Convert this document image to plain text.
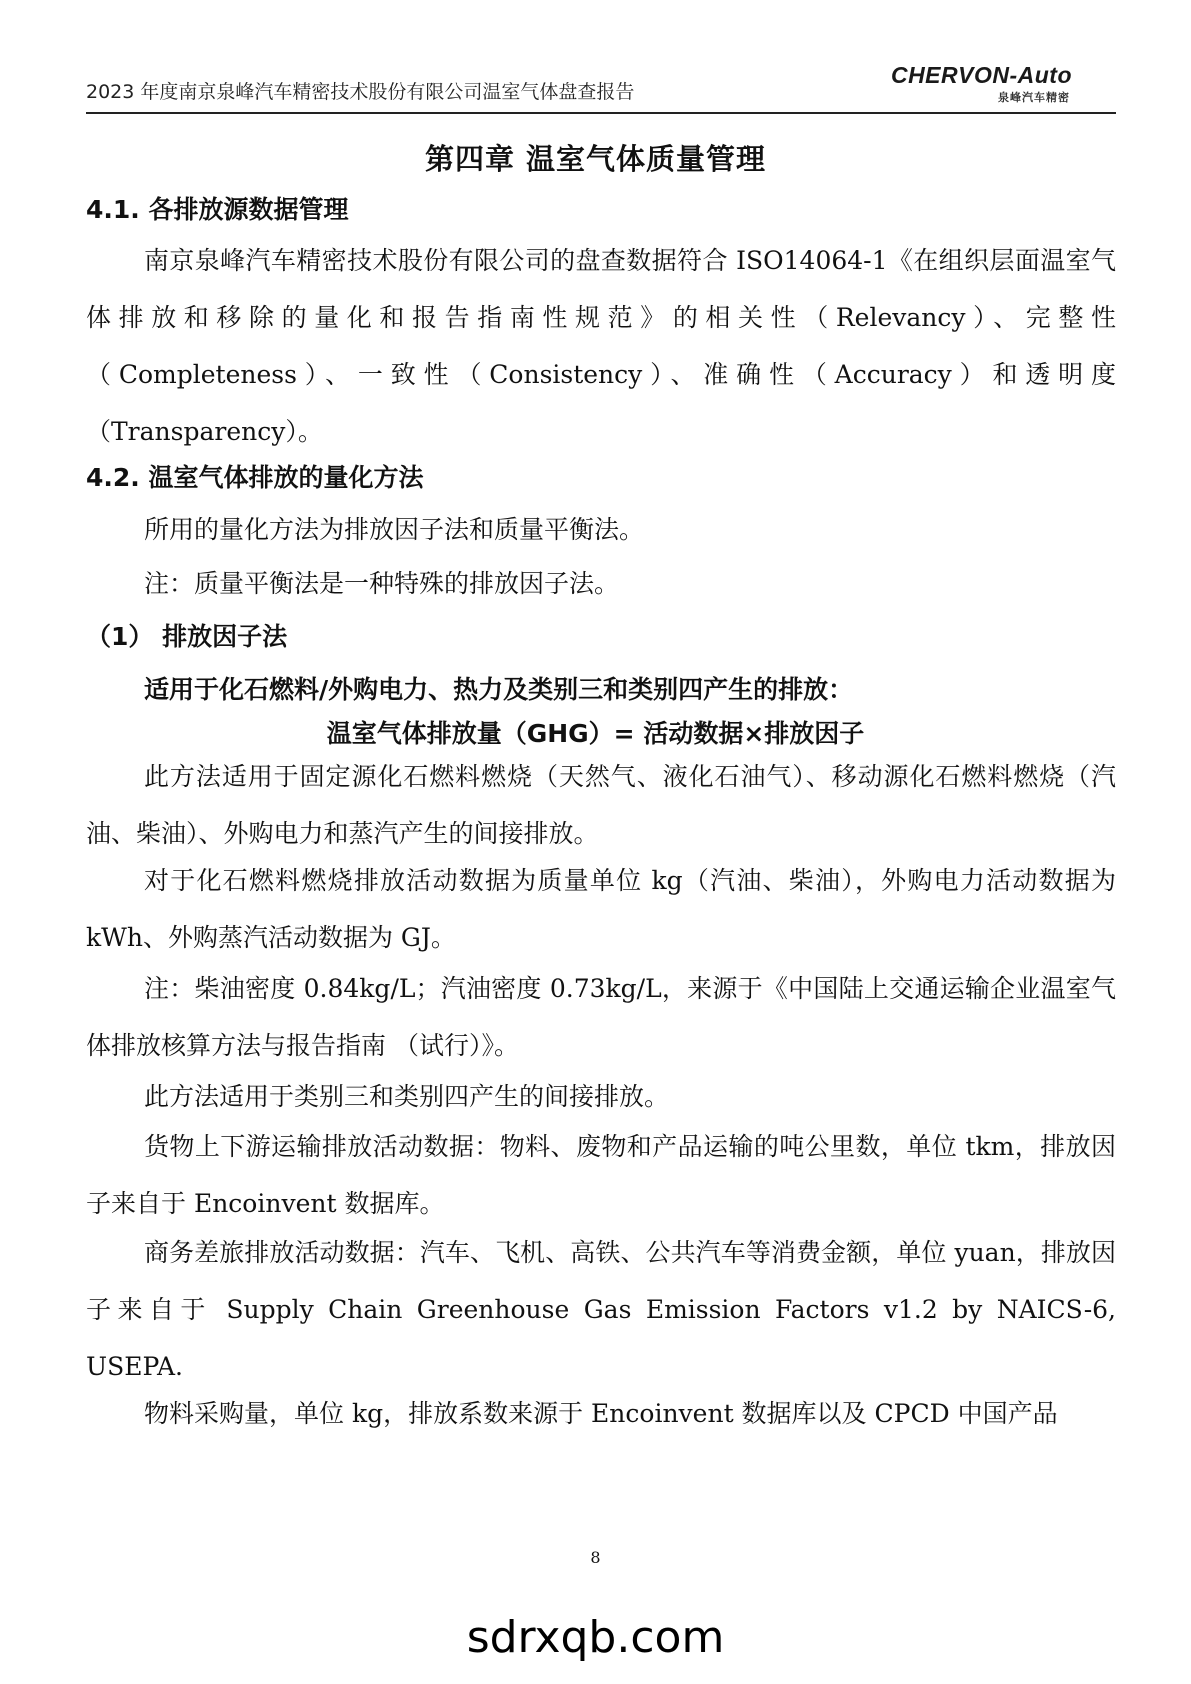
2023 年度南京泉峰汽车精密技术股份有限公司温室气体盘查报告
CHERVON-Auto
泉峰汽车精密
第四章 温室气体质量管理
4.1. 各排放源数据管理
南京泉峰汽车精密技术股份有限公司的盘查数据符合 ISO14064-1《在组织层面温室气体排放和移除的量化和报告指南性规范》的相关性（Relevancy）、完整性（Completeness）、一致性（Consistency）、准确性（Accuracy）和透明度（Transparency）。
4.2. 温室气体排放的量化方法
所用的量化方法为排放因子法和质量平衡法。
注：质量平衡法是一种特殊的排放因子法。
（1） 排放因子法
适用于化石燃料/外购电力、热力及类别三和类别四产生的排放：
温室气体排放量（GHG）= 活动数据×排放因子
此方法适用于固定源化石燃料燃烧（天然气、液化石油气）、移动源化石燃料燃烧（汽油、柴油）、外购电力和蒸汽产生的间接排放。
对于化石燃料燃烧排放活动数据为质量单位 kg（汽油、柴油），外购电力活动数据为 kWh、外购蒸汽活动数据为 GJ。
注：柴油密度 0.84kg/L；汽油密度 0.73kg/L，来源于《中国陆上交通运输企业温室气体排放核算方法与报告指南 （试行）》。
此方法适用于类别三和类别四产生的间接排放。
货物上下游运输排放活动数据：物料、废物和产品运输的吨公里数，单位 tkm，排放因子来自于 Encoinvent 数据库。
商务差旅排放活动数据：汽车、飞机、高铁、公共汽车等消费金额，单位 yuan，排放因子来自于 Supply Chain Greenhouse Gas Emission Factors v1.2 by NAICS-6, USEPA.
物料采购量，单位 kg，排放系数来源于 Encoinvent 数据库以及 CPCD 中国产品
8
sdrxqb.com
